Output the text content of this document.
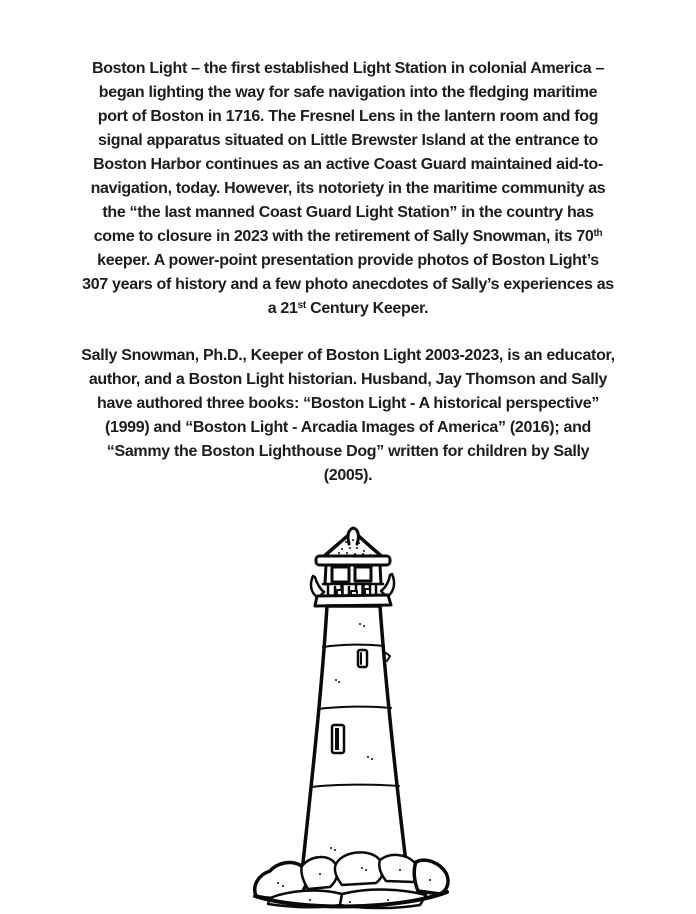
Boston Light – the first established Light Station in colonial America –
began lighting the way for safe navigation into the fledging maritime
port of Boston in 1716. The Fresnel Lens in the lantern room and fog
signal apparatus situated on Little Brewster Island at the entrance to
Boston Harbor continues as an active Coast Guard maintained aid-to-
navigation, today. However, its notoriety in the maritime community as
the “the last manned Coast Guard Light Station” in the country has
come to closure in 2023 with the retirement of Sally Snowman, its 70th
keeper. A power-point presentation provide photos of Boston Light’s
307 years of history and a few photo anecdotes of Sally’s experiences as
a 21st Century Keeper.
Sally Snowman, Ph.D., Keeper of Boston Light 2003-2023, is an educator,
author, and a Boston Light historian. Husband, Jay Thomson and Sally
have authored three books: “Boston Light - A historical perspective”
(1999) and “Boston Light - Arcadia Images of America” (2016); and
“Sammy the Boston Lighthouse Dog” written for children by Sally
(2005).
